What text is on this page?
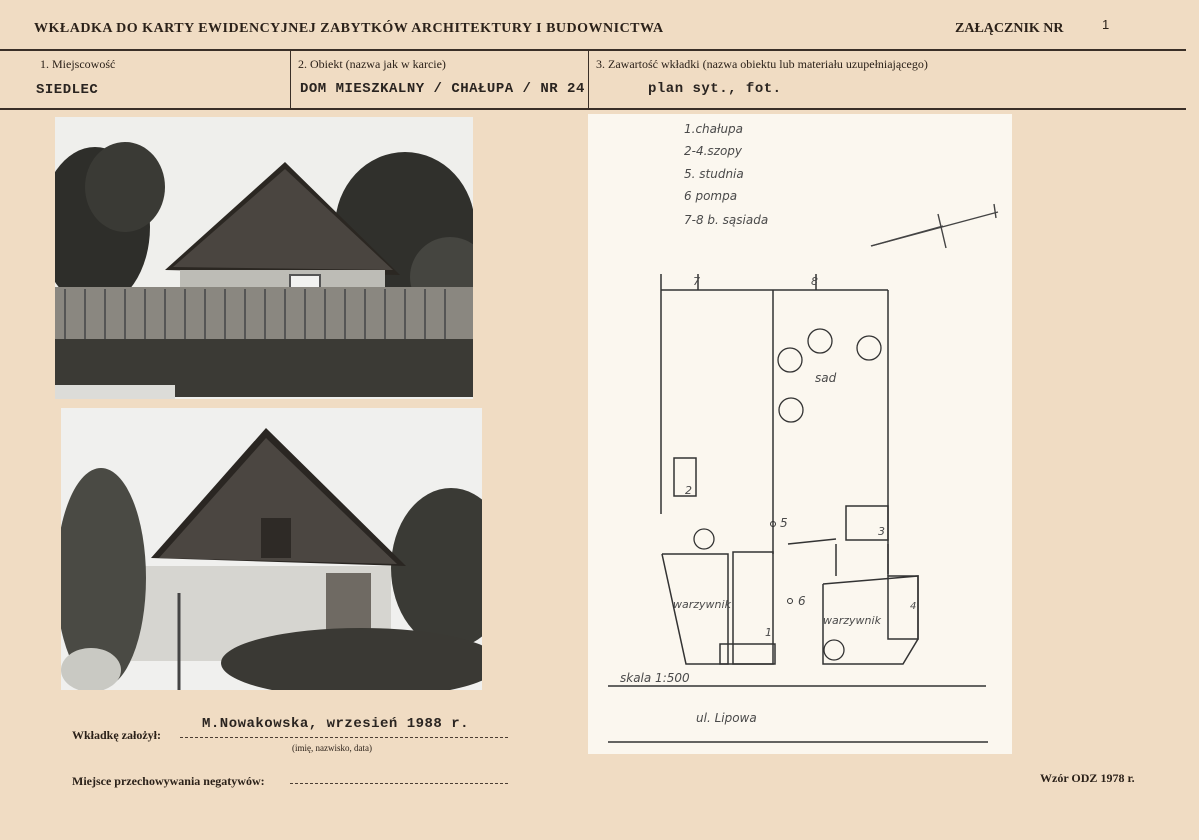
WKŁADKA DO KARTY EWIDENCYJNEJ ZABYTKÓW ARCHITEKTURY I BUDOWNICTWA	ZAŁĄCZNIK NR	1
1. Miejscowość
SIEDLEC
2. Obiekt (nazwa jak w karcie)
DOM MIESZKALNY / CHAŁUPA / NR 24
3. Zawartość wkładki (nazwa obiektu lub materiału uzupełniającego)
plan syt., fot.
1.chałupa
2-4.szopy
5. studnia
6 pompa
7-8 b. sąsiada
7	8
sad
2
3
5
6
warzywnik
warzywnik
1
4
skala 1:500
ul. Lipowa
Wkładkę założył:
M.Nowakowska, wrzesień 1988 r.
(imię, nazwisko, data)
Miejsce przechowywania negatywów:	Wzór ODZ 1978 r.
